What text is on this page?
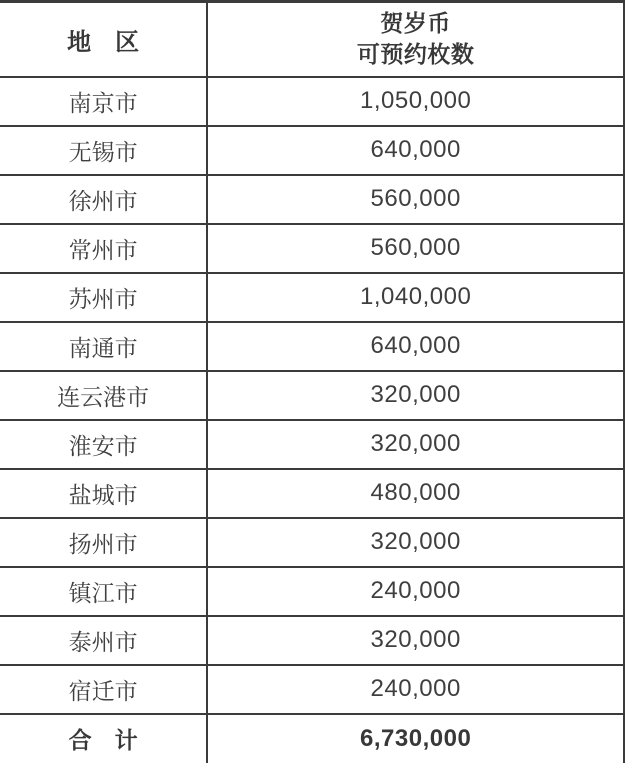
地　区	贺岁币
可预约枚数

南京市	1,050,000
无锡市	640,000
徐州市	560,000
常州市	560,000
苏州市	1,040,000
南通市	640,000
连云港市	320,000
淮安市	320,000
盐城市	480,000
扬州市	320,000
镇江市	240,000
泰州市	320,000
宿迁市	240,000
合　计	6,730,000
